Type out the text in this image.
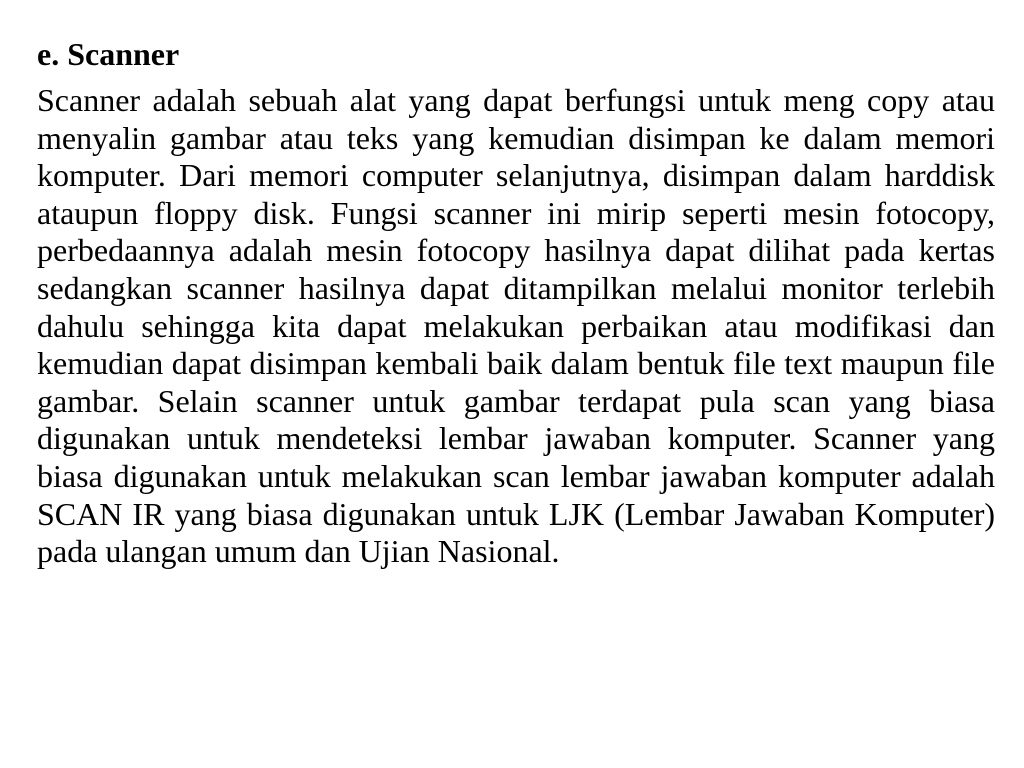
e. Scanner

Scanner adalah sebuah alat yang dapat berfungsi untuk meng copy atau menyalin gambar atau teks yang kemudian disimpan ke dalam memori komputer. Dari memori computer selanjutnya, disimpan dalam harddisk ataupun floppy disk. Fungsi scanner ini mirip seperti mesin fotocopy, perbedaannya adalah mesin fotocopy hasilnya dapat dilihat pada kertas sedangkan scanner hasilnya dapat ditampilkan melalui monitor terlebih dahulu sehingga kita dapat melakukan perbaikan atau modifikasi dan kemudian dapat disimpan kembali baik dalam bentuk file text maupun file gambar. Selain scanner untuk gambar terdapat pula scan yang biasa digunakan untuk mendeteksi lembar jawaban komputer. Scanner yang biasa digunakan untuk melakukan scan lembar jawaban komputer adalah SCAN IR yang biasa digunakan untuk LJK (Lembar Jawaban Komputer) pada ulangan umum dan Ujian Nasional.
